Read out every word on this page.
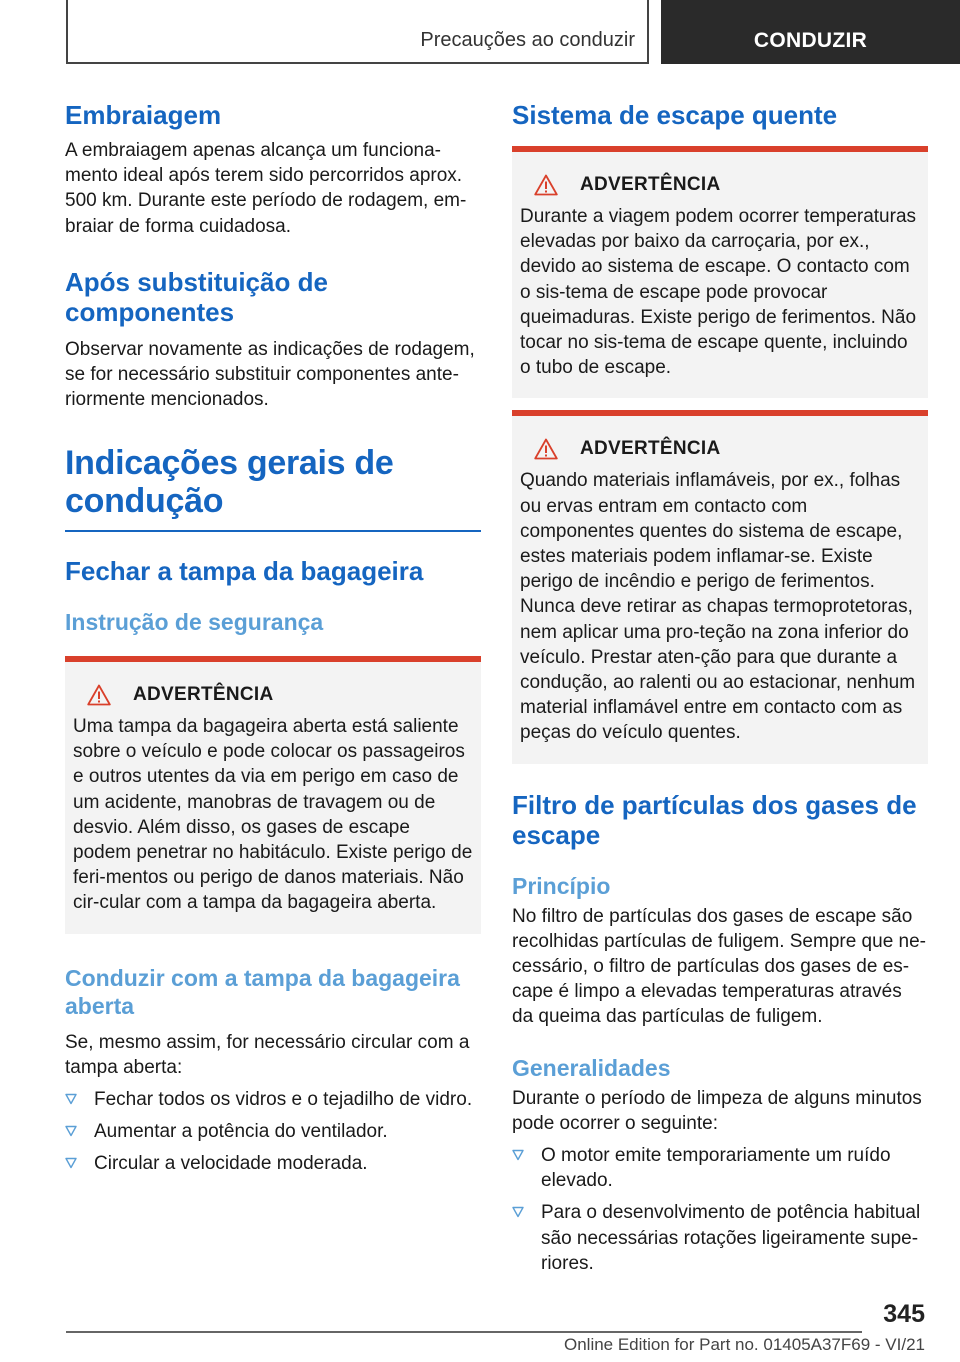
Precauções ao conduzir	CONDUZIR
Embraiagem

A embraiagem apenas alcança um funciona-mento ideal após terem sido percorridos aprox. 500 km. Durante este período de rodagem, em-braiar de forma cuidadosa.

Após substituição de componentes

Observar novamente as indicações de rodagem, se for necessário substituir componentes ante-riormente mencionados.

Indicações gerais de condução
Fechar a tampa da bagageira
Instrução de segurança
ADVERTÊNCIA

Uma tampa da bagageira aberta está saliente sobre o veículo e pode colocar os passageiros e outros utentes da via em perigo em caso de um acidente, manobras de travagem ou de desvio. Além disso, os gases de escape podem penetrar no habitáculo. Existe perigo de feri-mentos ou perigo de danos materiais. Não cir-cular com a tampa da bagageira aberta.

Conduzir com a tampa da bagageira aberta

Se, mesmo assim, for necessário circular com a tampa aberta:

Fechar todos os vidros e o tejadilho de vidro.
Aumentar a potência do ventilador.
Circular a velocidade moderada.
Sistema de escape quente
ADVERTÊNCIA

Durante a viagem podem ocorrer temperaturas elevadas por baixo da carroçaria, por ex., devido ao sistema de escape. O contacto com o sis-tema de escape pode provocar queimaduras. Existe perigo de ferimentos. Não tocar no sis-tema de escape quente, incluindo o tubo de escape.

ADVERTÊNCIA

Quando materiais inflamáveis, por ex., folhas ou ervas entram em contacto com componentes quentes do sistema de escape, estes materiais podem inflamar-se. Existe perigo de incêndio e perigo de ferimentos. Nunca deve retirar as chapas termoprotetoras, nem aplicar uma pro-teção na zona inferior do veículo. Prestar aten-ção para que durante a condução, ao ralenti ou ao estacionar, nenhum material inflamável entre em contacto com as peças do veículo quentes.

Filtro de partículas dos gases de escape
Princípio

No filtro de partículas dos gases de escape são recolhidas partículas de fuligem. Sempre que ne-cessário, o filtro de partículas dos gases de es-cape é limpo a elevadas temperaturas através da queima das partículas de fuligem.

Generalidades

Durante o período de limpeza de alguns minutos pode ocorrer o seguinte:

O motor emite temporariamente um ruído elevado.
Para o desenvolvimento de potência habitual são necessárias rotações ligeiramente supe-riores.
345
Online Edition for Part no. 01405A37F69 - VI/21
